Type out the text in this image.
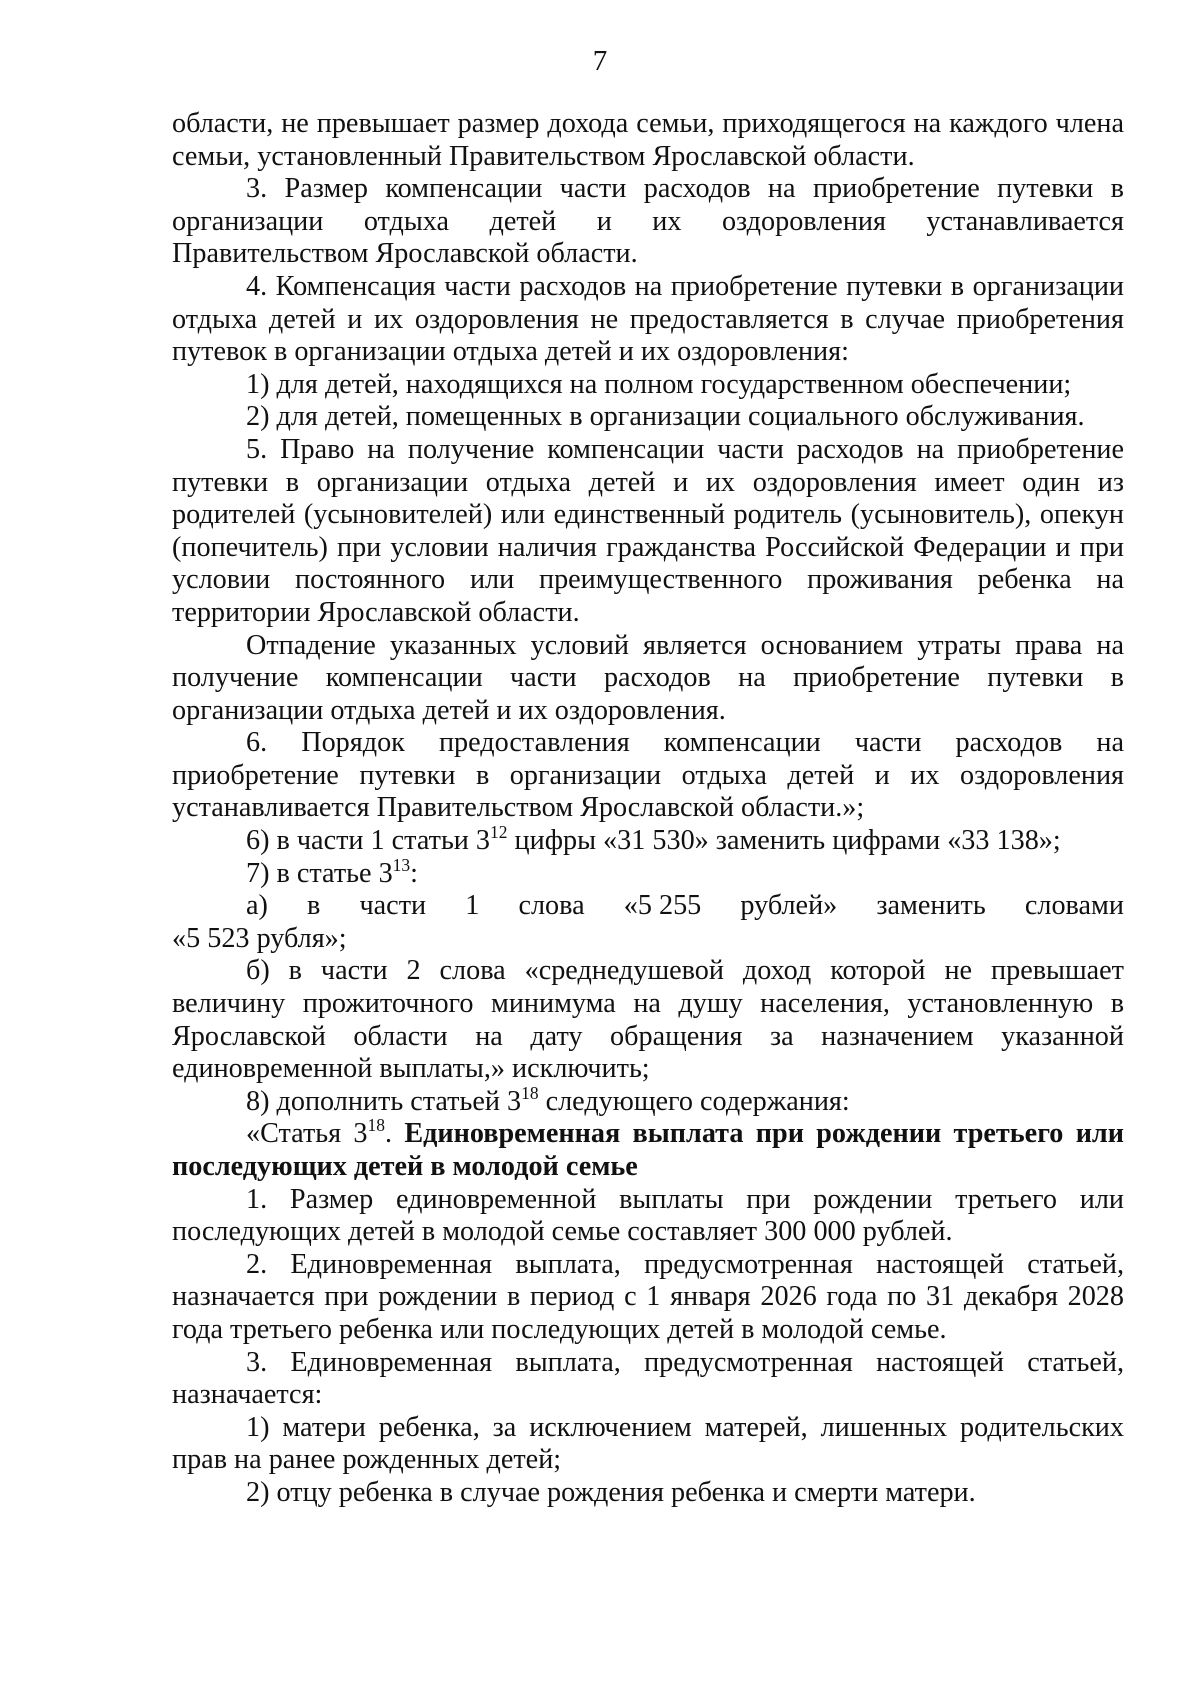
7

области, не превышает размер дохода семьи, приходящегося на каждого члена семьи, установленный Правительством Ярославской области.

3. Размер компенсации части расходов на приобретение путевки в организации отдыха детей и их оздоровления устанавливается Правительством Ярославской области.

4. Компенсация части расходов на приобретение путевки в организации отдыха детей и их оздоровления не предоставляется в случае приобретения путевок в организации отдыха детей и их оздоровления:

1) для детей, находящихся на полном государственном обеспечении;

2) для детей, помещенных в организации социального обслуживания.

5. Право на получение компенсации части расходов на приобретение путевки в организации отдыха детей и их оздоровления имеет один из родителей (усыновителей) или единственный родитель (усыновитель), опекун (попечитель) при условии наличия гражданства Российской Федерации и при условии постоянного или преимущественного проживания ребенка на территории Ярославской области.

Отпадение указанных условий является основанием утраты права на получение компенсации части расходов на приобретение путевки в организации отдыха детей и их оздоровления.

6. Порядок предоставления компенсации части расходов на приобретение путевки в организации отдыха детей и их оздоровления устанавливается Правительством Ярославской области.»;

6) в части 1 статьи $3^{12}$ цифры «31 530» заменить цифрами «33 138»;

7) в статье $3^{13}$:

а) в части 1 слова «5 255 рублей» заменить словами

«5 523 рубля»;

б) в части 2 слова «среднедушевой доход которой не превышает величину прожиточного минимума на душу населения, установленную в Ярославской области на дату обращения за назначением указанной единовременной выплаты,» исключить;

8) дополнить статьей $3^{18}$ следующего содержания:

«Статья $3^{18}$. Единовременная выплата при рождении третьего или последующих детей в молодой семье

1. Размер единовременной выплаты при рождении третьего или последующих детей в молодой семье составляет 300 000 рублей.

2. Единовременная выплата, предусмотренная настоящей статьей, назначается при рождении в период с 1 января 2026 года по 31 декабря 2028 года третьего ребенка или последующих детей в молодой семье.

3. Единовременная выплата, предусмотренная настоящей статьей, назначается:

1) матери ребенка, за исключением матерей, лишенных родительских прав на ранее рожденных детей;

2) отцу ребенка в случае рождения ребенка и смерти матери.
